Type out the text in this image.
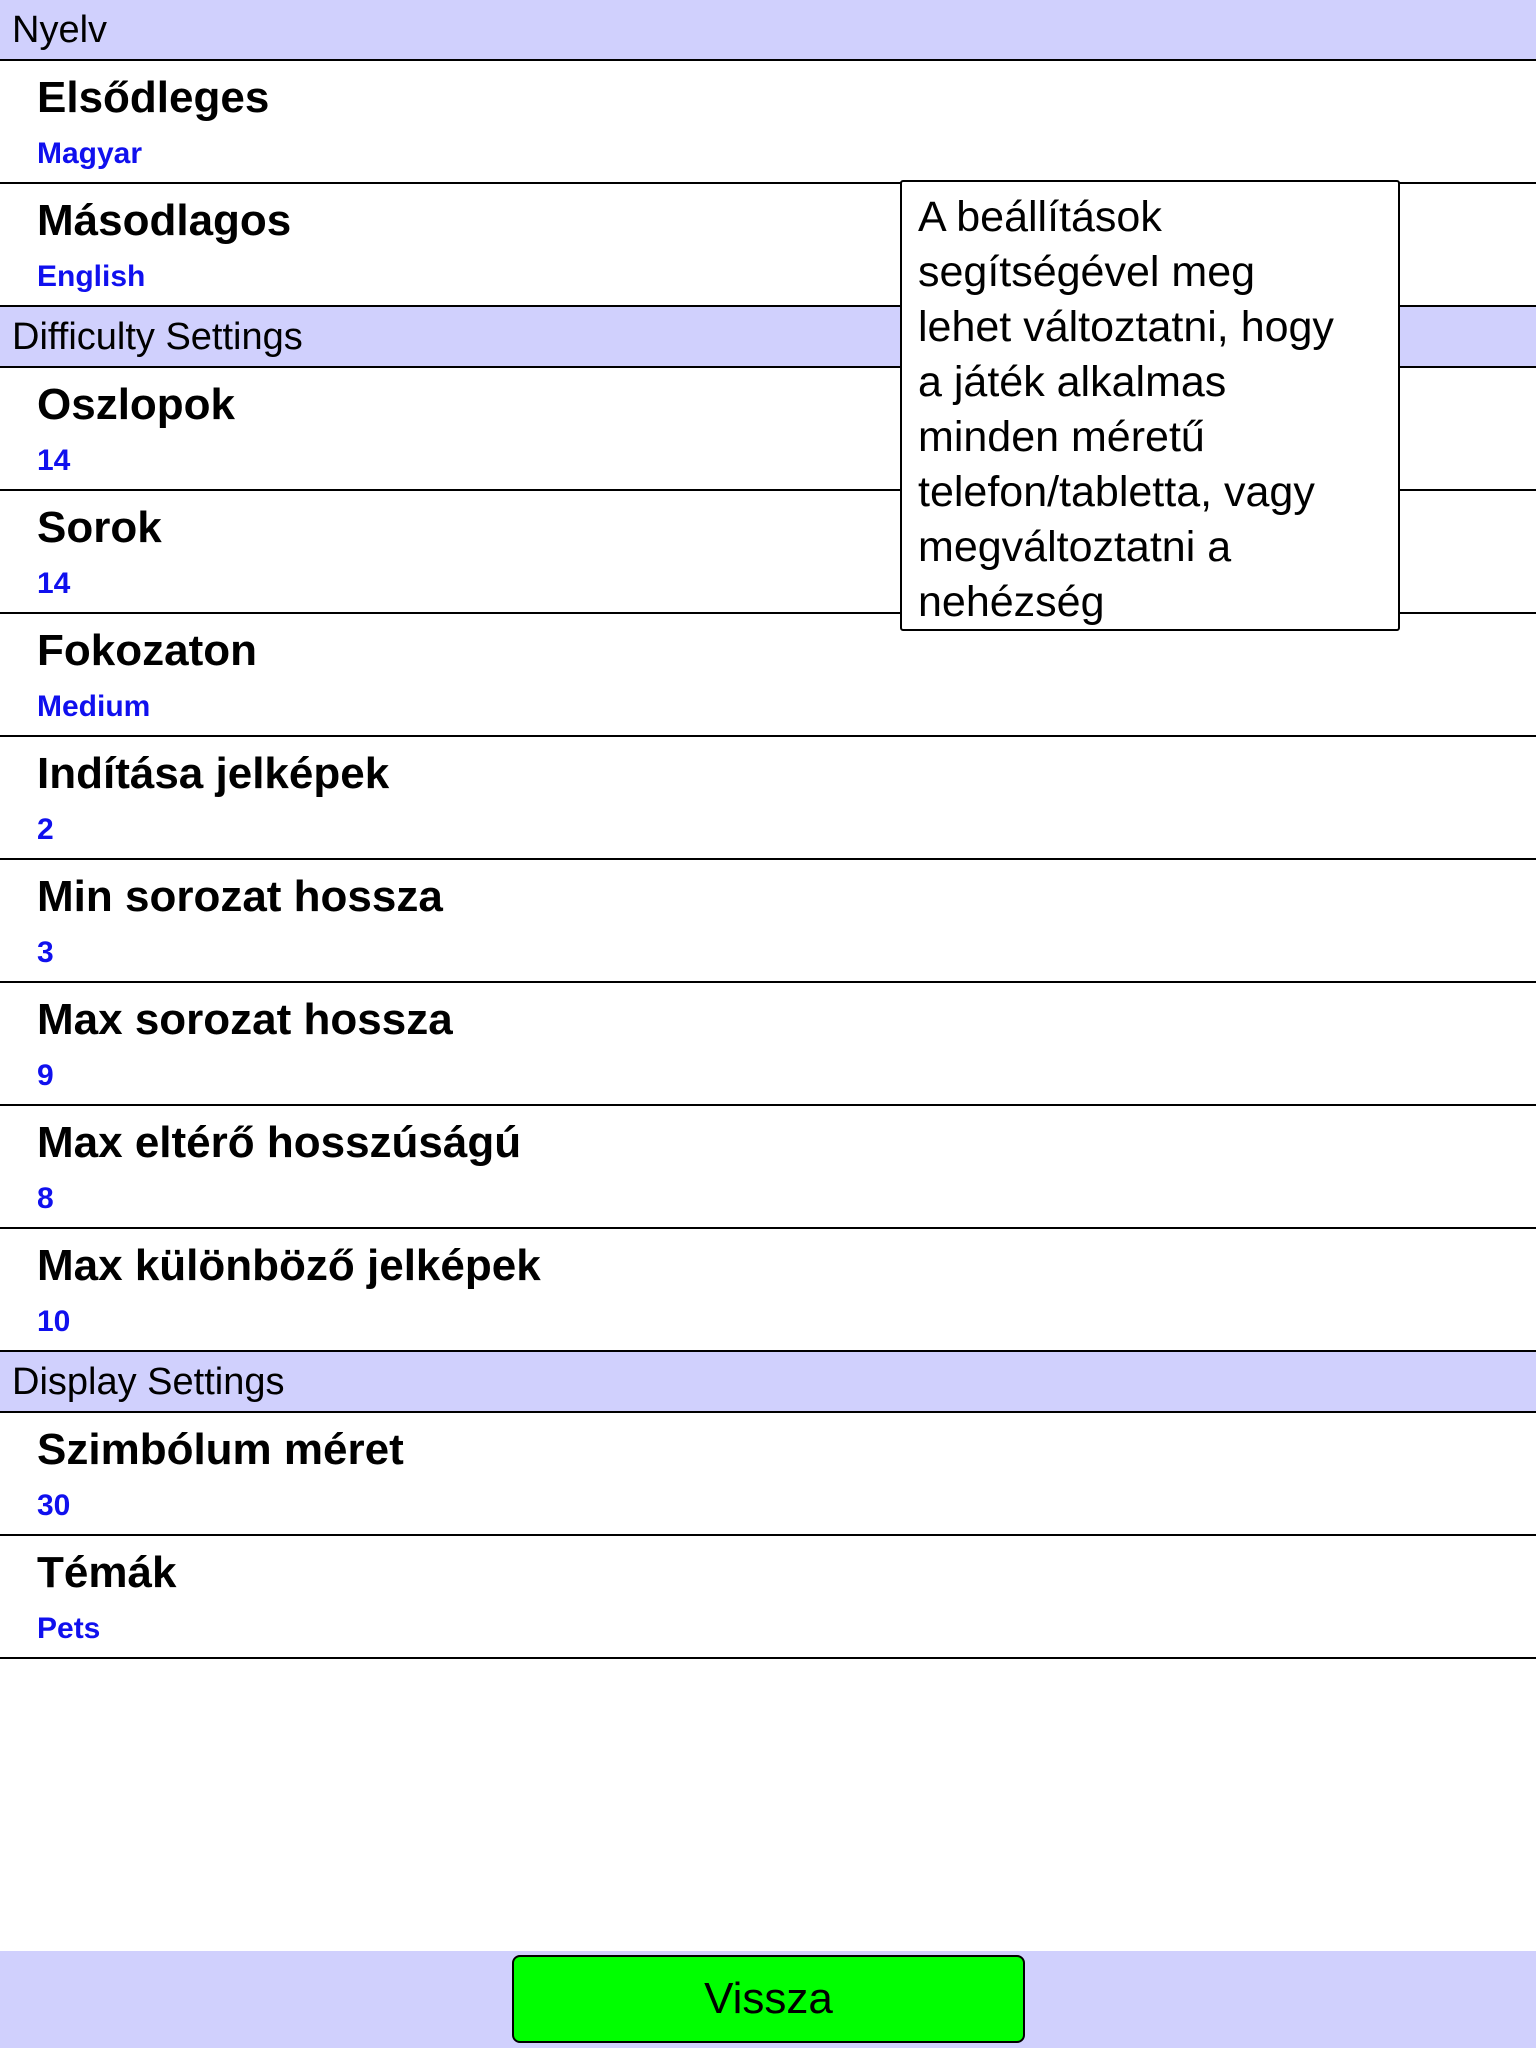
Nyelv
Elsődleges
Magyar
Másodlagos
English
Difficulty Settings
Oszlopok
14
Sorok
14
Fokozaton
Medium
Indítása jelképek
2
Min sorozat hossza
3
Max sorozat hossza
9
Max eltérő hosszúságú
8
Max különböző jelképek
10
Display Settings
Szimbólum méret
30
Témák
Pets
A beállítások
segítségével meg
lehet változtatni, hogy
a játék alkalmas
minden méretű
telefon/tabletta, vagy
megváltoztatni a
nehézség
Vissza
